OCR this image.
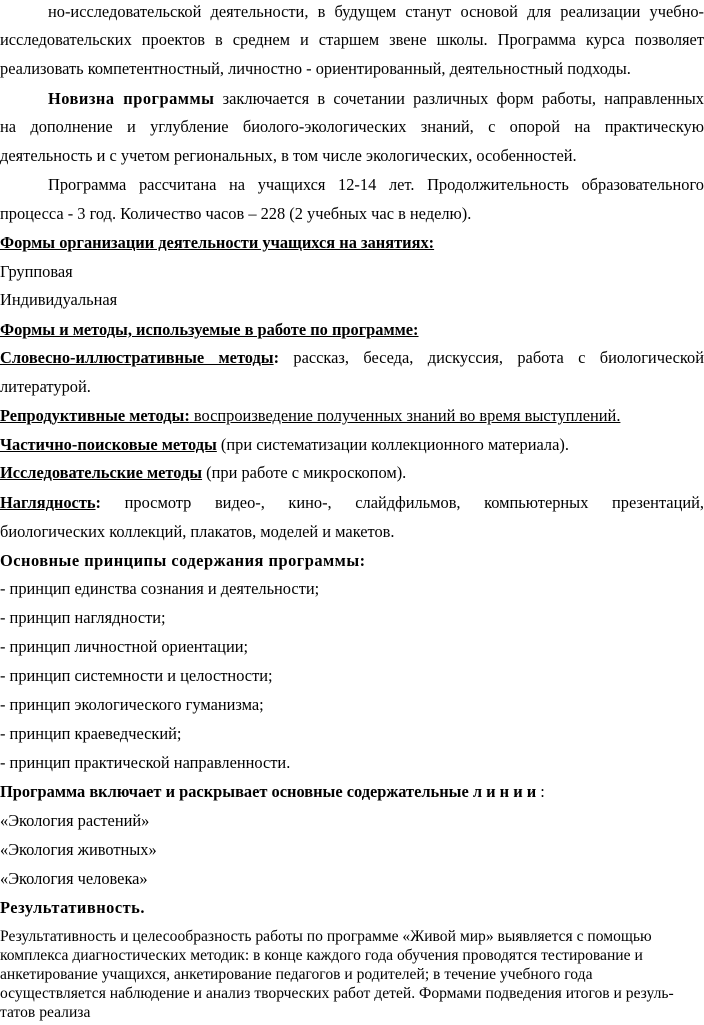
но-исследовательской деятельности, в будущем станут основой для реализации учебно-
исследовательских проектов в среднем и старшем звене школы. Программа курса позволяет
реализовать компетентностный, личностно - ориентированный, деятельностный подходы.
Новизна программы заключается в сочетании различных форм работы, направленных
на дополнение и углубление биолого-экологических знаний, с опорой на практическую
деятельность и с учетом региональных, в том числе экологических, особенностей.
Программа рассчитана на учащихся 12-14 лет. Продолжительность образовательного
процесса - 3 год. Количество часов – 228 (2 учебных час в неделю).
Формы организации деятельности учащихся на занятиях:
Групповая
Индивидуальная
Формы и методы, используемые в работе по программе:
Словесно-иллюстративные методы: рассказ, беседа, дискуссия, работа с биологической
литературой.
Репродуктивные методы: воспроизведение полученных знаний во время выступлений.
Частично-поисковые методы (при систематизации коллекционного материала).
Исследовательские методы (при работе с микроскопом).
Наглядность: просмотр видео-, кино-, слайдфильмов, компьютерных презентаций,
биологических коллекций, плакатов, моделей и макетов.
Основные принципы содержания программы:
- принцип единства сознания и деятельности;
- принцип наглядности;
- принцип личностной ориентации;
- принцип системности и целостности;
- принцип экологического гуманизма;
- принцип краеведческий;
- принцип практической направленности.
Программа включает и раскрывает основные содержательные л и н и и :
«Экология растений»
«Экология животных»
«Экология человека»
Результативность.
Результативность и целесообразность работы по программе «Живой мир» выявляется с помощью
комплекса диагностических методик: в конце каждого года обучения проводятся тестирование и
анкетирование учащихся, анкетирование педагогов и родителей; в течение учебного года
осуществляется наблюдение и анализ творческих работ детей. Формами подведения итогов и резуль-
татов реализа
